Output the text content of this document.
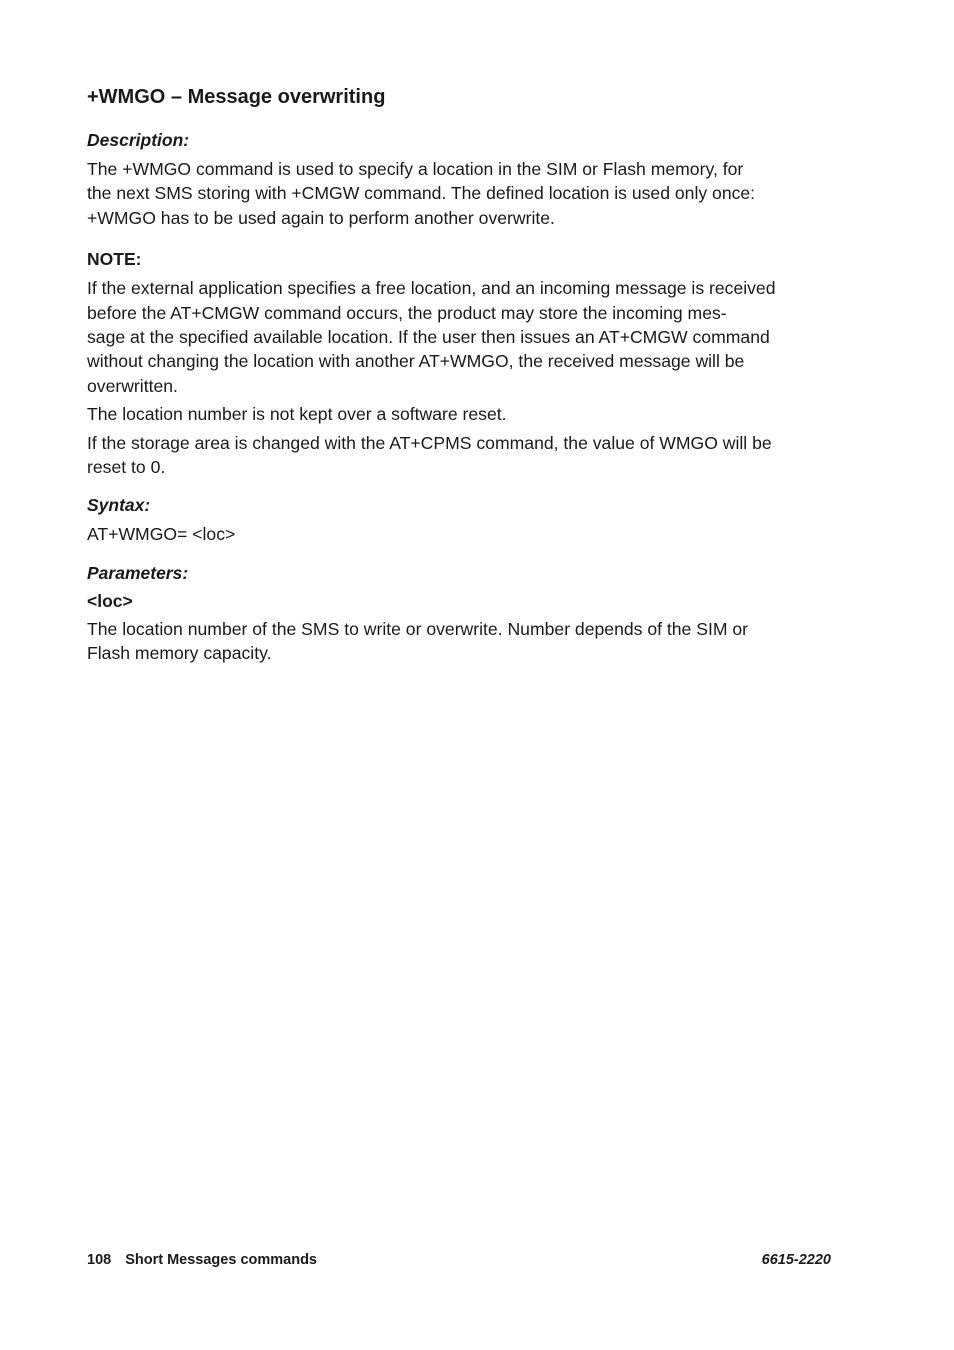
+WMGO – Message overwriting
Description:

The +WMGO command is used to specify a location in the SIM or Flash memory, for
the next SMS storing with +CMGW command. The defined location is used only once:
+WMGO has to be used again to perform another overwrite.

NOTE:

If the external application specifies a free location, and an incoming message is received
before the AT+CMGW command occurs, the product may store the incoming mes-
sage at the specified available location. If the user then issues an AT+CMGW command
without changing the location with another AT+WMGO, the received message will be
overwritten.

The location number is not kept over a software reset.

If the storage area is changed with the AT+CPMS command, the value of WMGO will be
reset to 0.

Syntax:

AT+WMGO= <loc>

Parameters:
<loc>

The location number of the SMS to write or overwrite. Number depends of the SIM or
Flash memory capacity.

108 Short Messages commands	6615-2220
